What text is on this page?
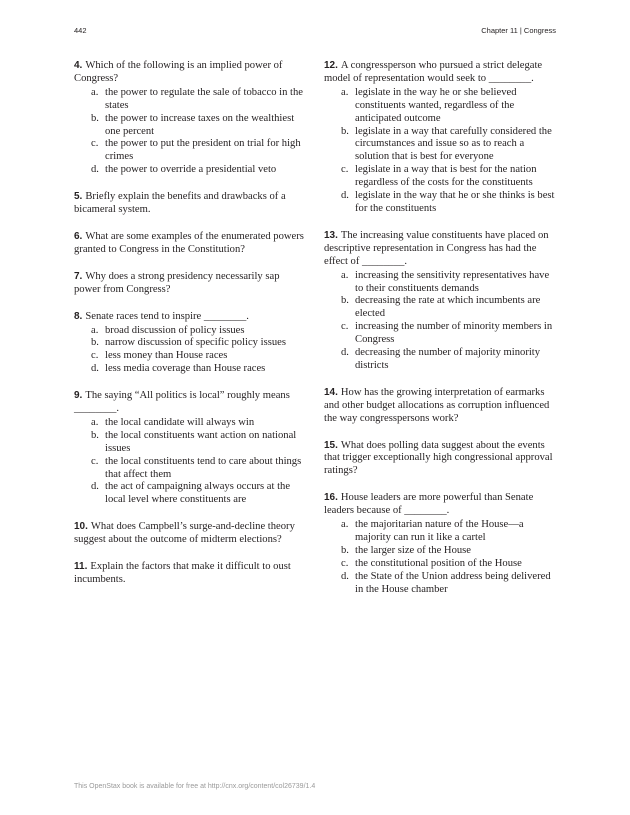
442	Chapter 11 | Congress
4. Which of the following is an implied power of Congress?
a. the power to regulate the sale of tobacco in the states
b. the power to increase taxes on the wealthiest one percent
c. the power to put the president on trial for high crimes
d. the power to override a presidential veto
5. Briefly explain the benefits and drawbacks of a bicameral system.
6. What are some examples of the enumerated powers granted to Congress in the Constitution?
7. Why does a strong presidency necessarily sap power from Congress?
8. Senate races tend to inspire ________.
a. broad discussion of policy issues
b. narrow discussion of specific policy issues
c. less money than House races
d. less media coverage than House races
9. The saying “All politics is local” roughly means ________.
a. the local candidate will always win
b. the local constituents want action on national issues
c. the local constituents tend to care about things that affect them
d. the act of campaigning always occurs at the local level where constituents are
10. What does Campbell’s surge-and-decline theory suggest about the outcome of midterm elections?
11. Explain the factors that make it difficult to oust incumbents.
12. A congressperson who pursued a strict delegate model of representation would seek to ________.
a. legislate in the way he or she believed constituents wanted, regardless of the anticipated outcome
b. legislate in a way that carefully considered the circumstances and issue so as to reach a solution that is best for everyone
c. legislate in a way that is best for the nation regardless of the costs for the constituents
d. legislate in the way that he or she thinks is best for the constituents
13. The increasing value constituents have placed on descriptive representation in Congress has had the effect of ________.
a. increasing the sensitivity representatives have to their constituents demands
b. decreasing the rate at which incumbents are elected
c. increasing the number of minority members in Congress
d. decreasing the number of majority minority districts
14. How has the growing interpretation of earmarks and other budget allocations as corruption influenced the way congresspersons work?
15. What does polling data suggest about the events that trigger exceptionally high congressional approval ratings?
16. House leaders are more powerful than Senate leaders because of ________.
a. the majoritarian nature of the House—a majority can run it like a cartel
b. the larger size of the House
c. the constitutional position of the House
d. the State of the Union address being delivered in the House chamber
This OpenStax book is available for free at http://cnx.org/content/col26739/1.4
